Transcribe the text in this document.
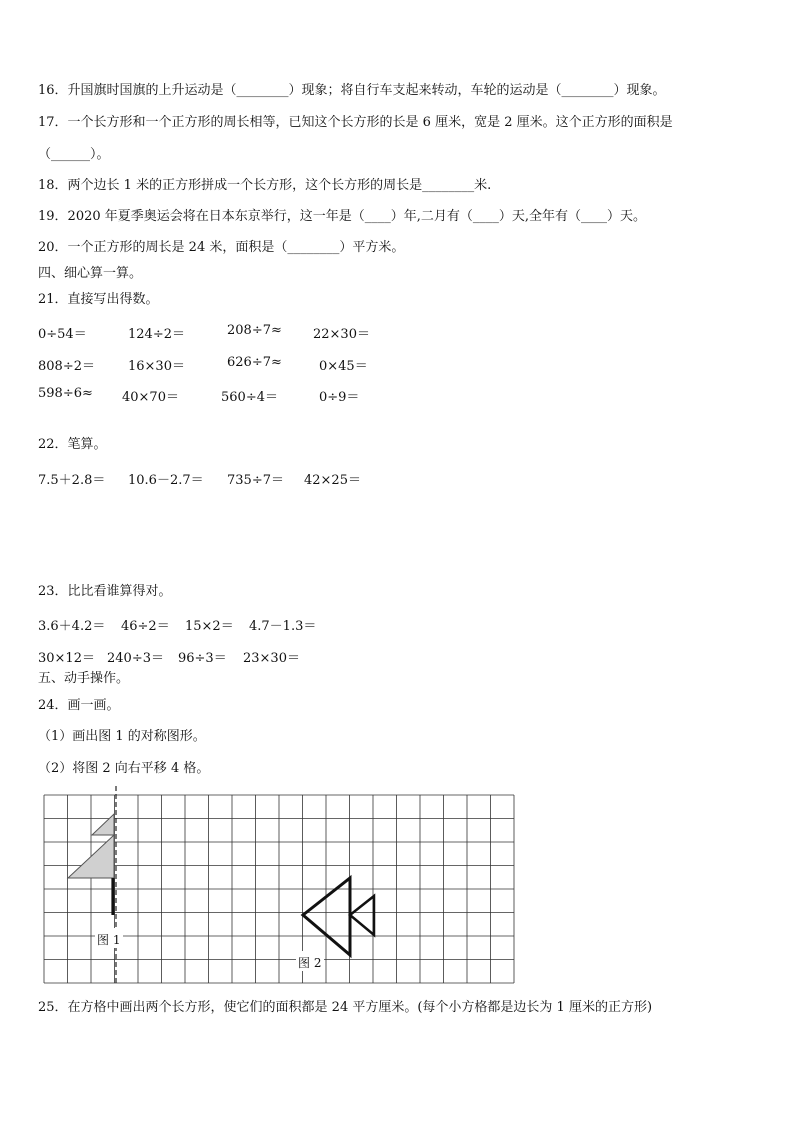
16．升国旗时国旗的上升运动是（________）现象；将自行车支起来转动，车轮的运动是（________）现象。
17．一个长方形和一个正方形的周长相等，已知这个长方形的长是 6 厘米，宽是 2 厘米。这个正方形的面积是
（______）。
18．两个边长 1 米的正方形拼成一个长方形，这个长方形的周长是________米.
19．2020 年夏季奥运会将在日本东京举行，这一年是（____）年,二月有（____）天,全年有（____）天。
20．一个正方形的周长是 24 米，面积是（________）平方米。
四、细心算一算。
21．直接写出得数。
0÷54＝	124÷2＝	208÷7≈ 22×30＝
808÷2＝	16×30＝	626÷7≈	0×45＝
598÷6≈ 40×70＝	560÷4＝	0÷9＝
22．笔算。
7.5＋2.8＝ 10.6－2.7＝ 735÷7＝ 42×25＝
23．比比看谁算得对。
3.6＋4.2＝ 46÷2＝ 15×2＝ 4.7－1.3＝
30×12＝ 240÷3＝ 96÷3＝ 23×30＝
五、动手操作。
24．画一画。
（1）画出图 1 的对称图形。
（2）将图 2 向右平移 4 格。
图 1
图 2
25．在方格中画出两个长方形，使它们的面积都是 24 平方厘米。(每个小方格都是边长为 1 厘米的正方形)
